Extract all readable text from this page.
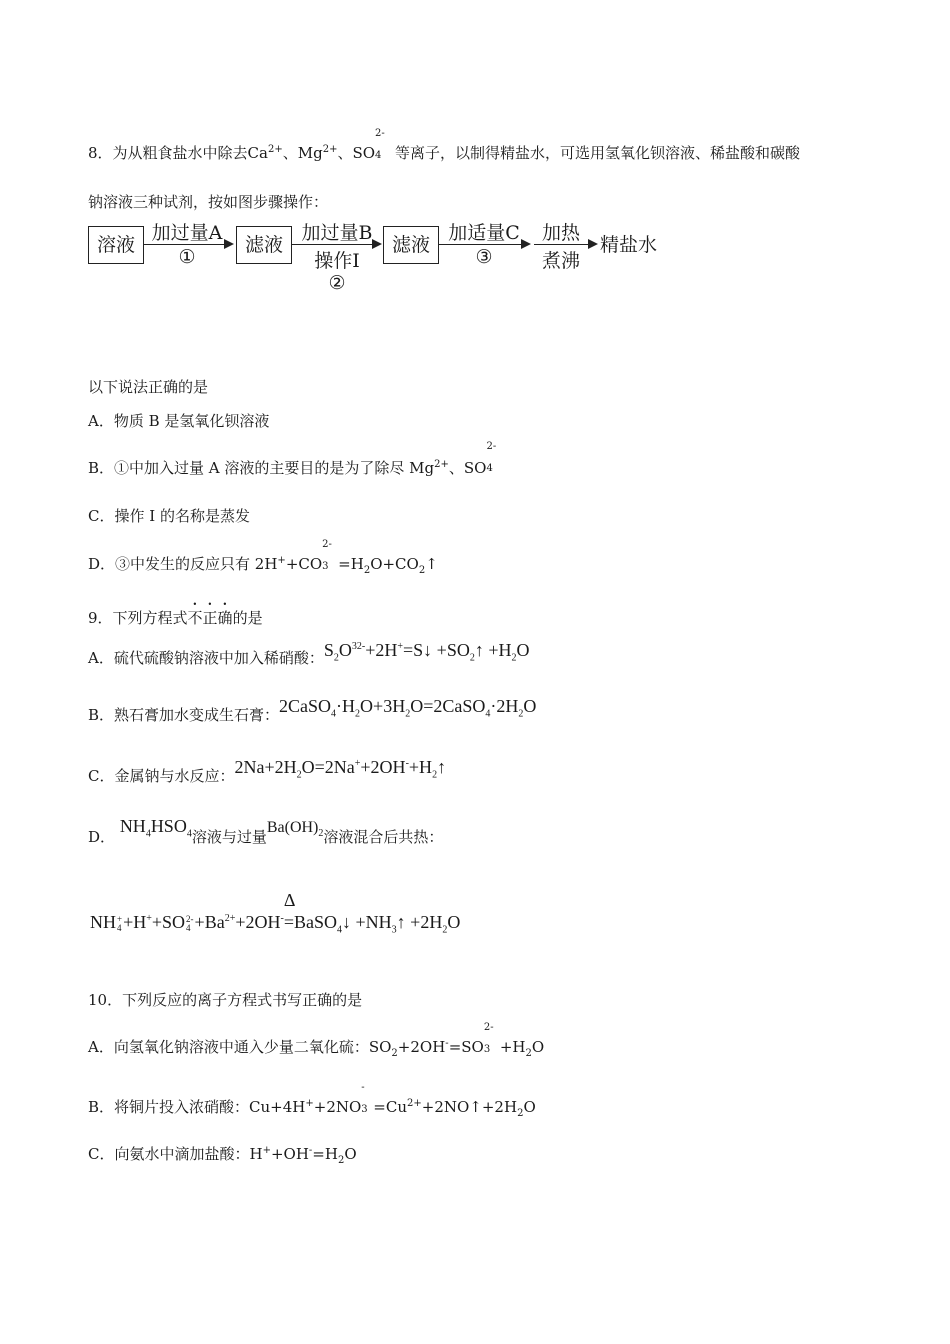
8．为从粗食盐水中除去$Ca^{2+}$、$Mg^{2+}$、SO
2-
4 等离子，以制得精盐水，可选用氢氧化钡溶液、稀盐酸和碳酸
钠溶液三种试剂，按如图步骤操作：
溶液
加过量A
①
滤液
加过量B
操作I
②
滤液
加适量C
③
加热
煮沸
精盐水
以下说法正确的是
A．物质 B 是氢氧化钡溶液
B．①中加入过量 A 溶液的主要目的是为了除尽 $Mg^{2+}$、SO
2-
4
C．操作 I 的名称是蒸发
D．③中发生的反应只有 2H++CO
2-
$3 =H_2O+CO_2↑$
9．下列方程式不正确的是
A．硫代硫酸钠溶液中加入稀硝酸：$S_2O^{32-}+2H^+=S↓$ $+SO_2↑ +H_2O$
B．熟石膏加水变成生石膏：$2CaSO_4\cdot H_2O+3H_2O=2CaSO_4\cdot 2H_2O$
C．金属钠与水反应：$2Na+2H_2O=2Na^++2OH^-+H_2↑$
D． $NH_4HSO_4$溶液与过量$Ba(OH)_2$溶液混合后共热：
NH +
4 +H++SO 2-
$4 +Ba^{2+}+2OH^-$
Δ
=BaSO$_4$↓ $+NH_3↑ +2H_2O$
10．下列反应的离子方程式书写正确的是
A．向氢氧化钠溶液中通入少量二氧化硫：$SO_2+2OH^-=SO$
2-
$3 +H_2O$
B．将铜片投入浓硝酸：Cu+4H++2NO
-
$3 =Cu^{2+}+2NO↑+2H_2O$
C．向氨水中滴加盐酸：$H^++OH^-=H_2O$
